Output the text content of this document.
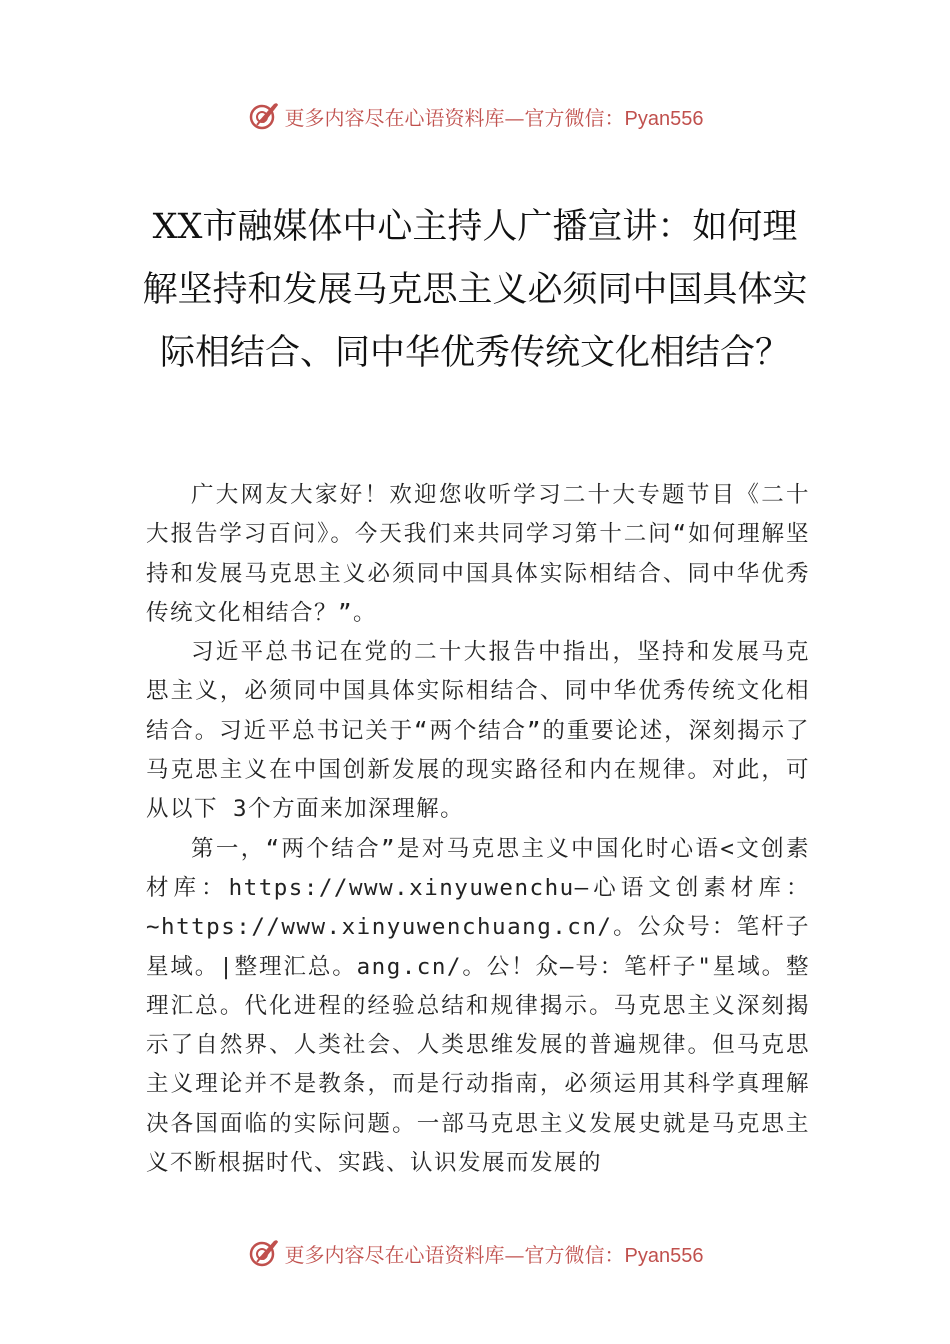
更多内容尽在心语资料库—官方微信：Pyan556
XX市融媒体中心主持人广播宣讲：如何理解坚持和发展马克思主义必须同中国具体实际相结合、同中华优秀传统文化相结合？

广大网友大家好！欢迎您收听学习二十大专题节目《二十大报告学习百问》。今天我们来共同学习第十二问“如何理解坚持和发展马克思主义必须同中国具体实际相结合、同中华优秀传统文化相结合？”。

习近平总书记在党的二十大报告中指出，坚持和发展马克思主义，必须同中国具体实际相结合、同中华优秀传统文化相结合。习近平总书记关于“两个结合”的重要论述，深刻揭示了马克思主义在中国创新发展的现实路径和内在规律。对此，可从以下 3个方面来加深理解。

第一，“两个结合”是对马克思主义中国化时心语<文创素材库：https://www.xinyuwenchu—心语文创素材库：~https://www.xinyuwenchuang.cn/。公众号：笔杆子星域。|整理汇总。ang.cn/。公！众—号：笔杆子"星域。整理汇总。代化进程的经验总结和规律揭示。马克思主义深刻揭示了自然界、人类社会、人类思维发展的普遍规律。但马克思主义理论并不是教条，而是行动指南，必须运用其科学真理解决各国面临的实际问题。一部马克思主义发展史就是马克思主义不断根据时代、实践、认识发展而发展的

更多内容尽在心语资料库—官方微信：Pyan556
